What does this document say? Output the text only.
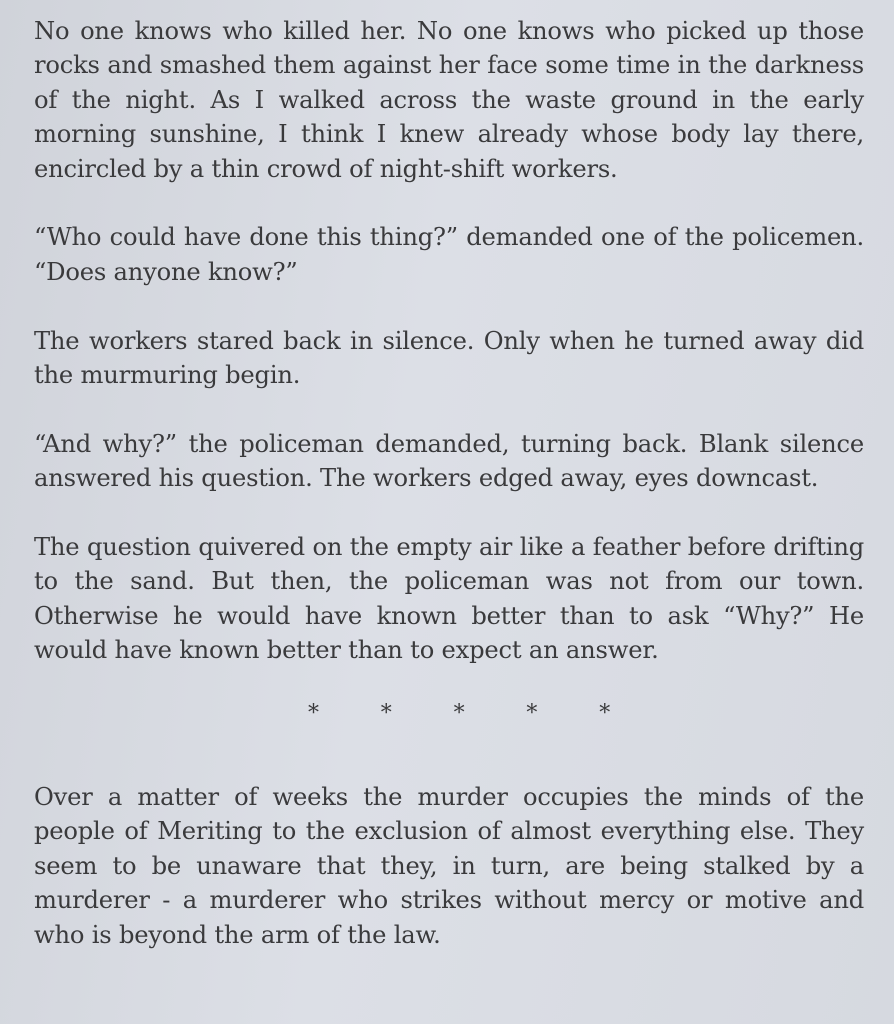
No one knows who killed her. No one knows who picked up those rocks and smashed them against her face some time in the darkness of the night. As I walked across the waste ground in the early morning sunshine, I think I knew already whose body lay there, encircled by a thin crowd of night-shift workers.

“Who could have done this thing?” demanded one of the policemen. “Does anyone know?”

The workers stared back in silence. Only when he turned away did the murmuring begin.

“And why?” the policeman demanded, turning back. Blank silence answered his question. The workers edged away, eyes downcast.

The question quivered on the empty air like a feather before drifting to the sand. But then, the policeman was not from our town. Otherwise he would have known better than to ask “Why?” He would have known better than to expect an answer.

*	*	*	*	*

Over a matter of weeks the murder occupies the minds of the people of Meriting to the exclusion of almost everything else. They seem to be unaware that they, in turn, are being stalked by a murderer - a murderer who strikes without mercy or motive and who is beyond the arm of the law.
